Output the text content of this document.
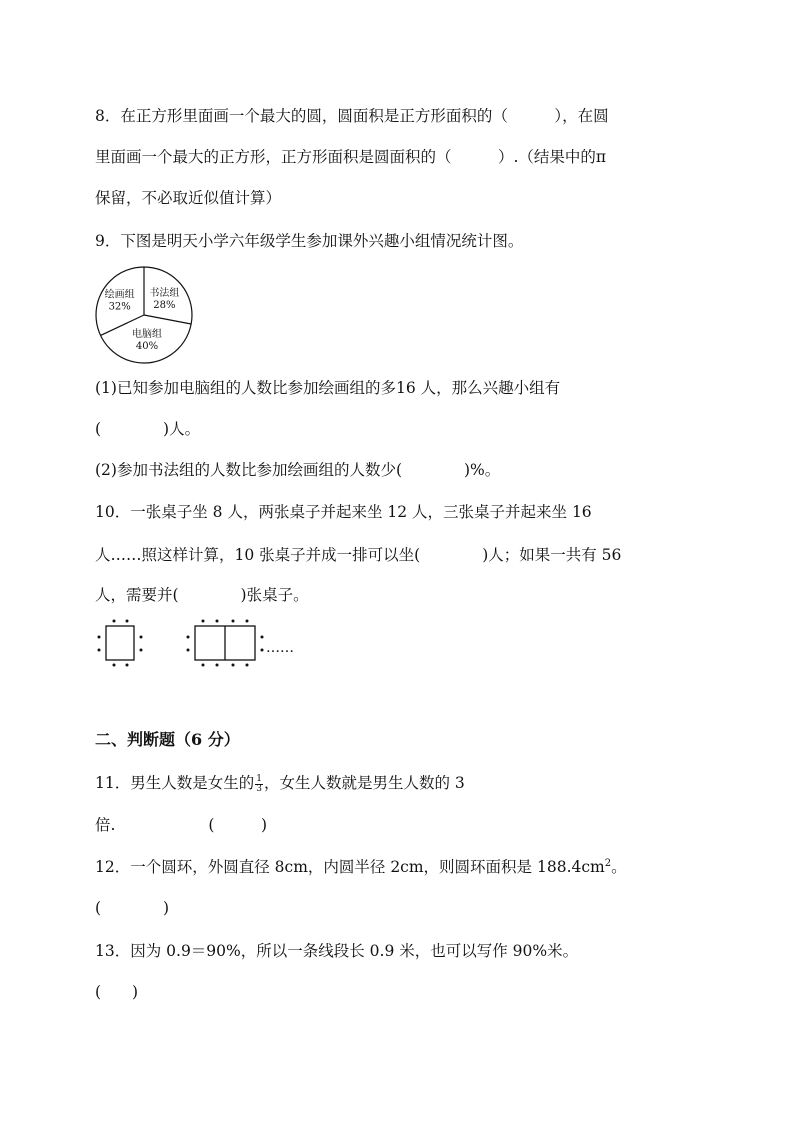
8．在正方形里面画一个最大的圆，圆面积是正方形面积的（　　　），在圆
里面画一个最大的正方形，正方形面积是圆面积的（　　　）.（结果中的π
保留，不必取近似值计算）
9．下图是明天小学六年级学生参加课外兴趣小组情况统计图。
书法组
28%
电脑组
40%
绘画组
32%
(1)已知参加电脑组的人数比参加绘画组的多16 人，那么兴趣小组有
(　　　　)人。
(2)参加书法组的人数比参加绘画组的人数少(　　　　)%。
10．一张桌子坐 8 人，两张桌子并起来坐 12 人，三张桌子并起来坐 16
人……照这样计算，10 张桌子并成一排可以坐(　　　　)人；如果一共有 56
人，需要并(　　　　)张桌子。
……
二、判断题（6 分）
11．男生人数是女生的 $\frac{1}{3}$ ，女生人数就是男生人数的 3
倍.　　　　　　(　　　)
12．一个圆环，外圆直径 8cm，内圆半径 2cm，则圆环面积是 $188.4cm^2$。
(　　　　)
13．因为 0.9＝90%，所以一条线段长 0.9 米，也可以写作 90%米。
(　　)
